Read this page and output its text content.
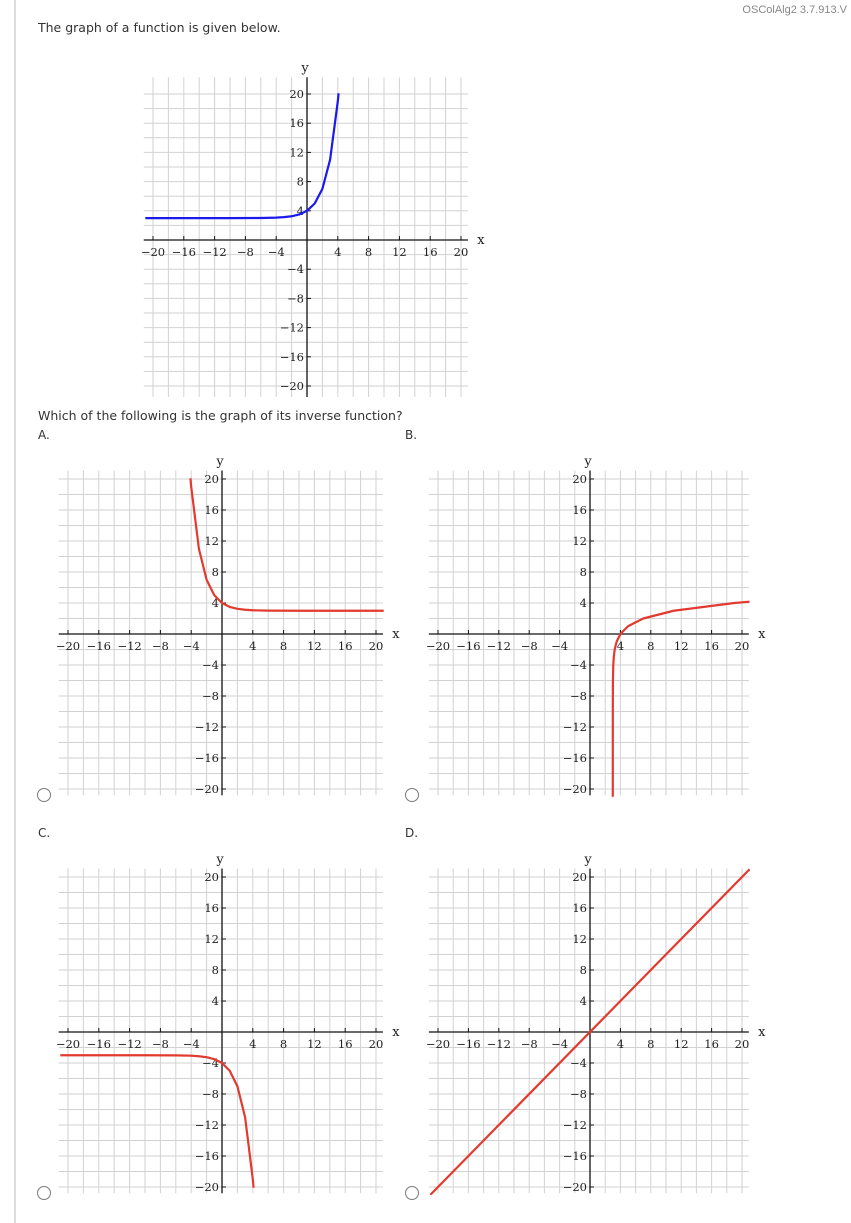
OSColAlg2 3.7.913.V
The graph of a function is given below.
−20 −16 −12 −8 −4	4 8 12 16 20
−20
−16
−12
−8
−4
4
8
12
16
20
x
y
Which of the following is the graph of its inverse function?
A.
−20 −16 −12 −8 −4	4 8 12 16 20
−20
−16
−12
−8
−4
4
8
12
16
20
x
y
B.
−20 −16 −12 −8 −4	4 8 12 16 20
−20
−16
−12
−8
−4
4
8
12
16
20
x
y
C.
−20 −16 −12 −8 −4	4 8 12 16 20
−20
−16
−12
−8
−4
4
8
12
16
20
x
y
D.
−20 −16 −12 −8 −4	4 8 12 16 20
−20
−16
−12
−8
−4
4
8
12
16
20
x
y
